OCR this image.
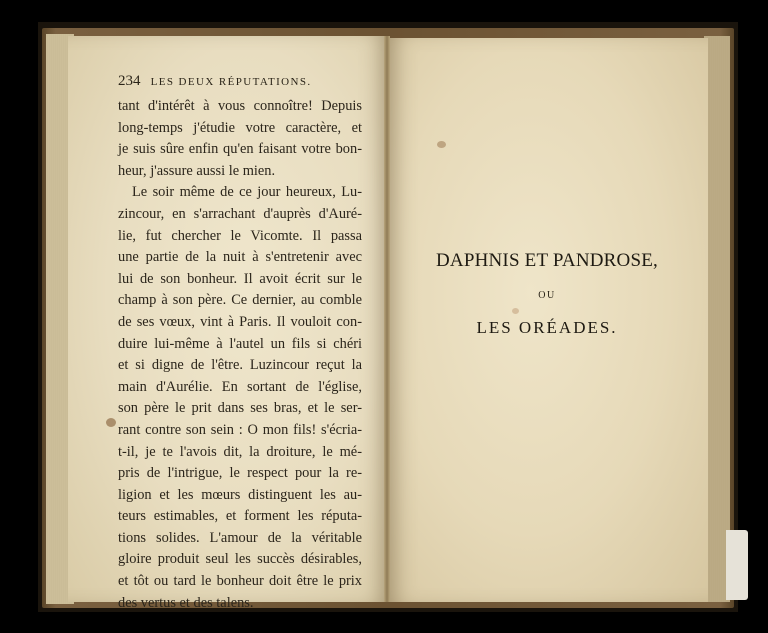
234 LES DEUX RÉPUTATIONS.
tant d'intérêt à vous connoître! Depuis
long-temps j'étudie votre caractère, et
je suis sûre enfin qu'en faisant votre bon-
heur, j'assure aussi le mien.
Le soir même de ce jour heureux, Lu-
zincour, en s'arrachant d'auprès d'Auré-
lie, fut chercher le Vicomte. Il passa
une partie de la nuit à s'entretenir avec
lui de son bonheur. Il avoit écrit sur le
champ à son père. Ce dernier, au comble
de ses vœux, vint à Paris. Il vouloit con-
duire lui-même à l'autel un fils si chéri
et si digne de l'être. Luzincour reçut la
main d'Aurélie. En sortant de l'église,
son père le prit dans ses bras, et le ser-
rant contre son sein : O mon fils! s'écria-
t-il, je te l'avois dit, la droiture, le mé-
pris de l'intrigue, le respect pour la re-
ligion et les mœurs distinguent les au-
teurs estimables, et forment les réputa-
tions solides. L'amour de la véritable
gloire produit seul les succès désirables,
et tôt ou tard le bonheur doit être le prix
des vertus et des talens.
DAPHNIS ET PANDROSE,
OU
LES ORÉADES.
